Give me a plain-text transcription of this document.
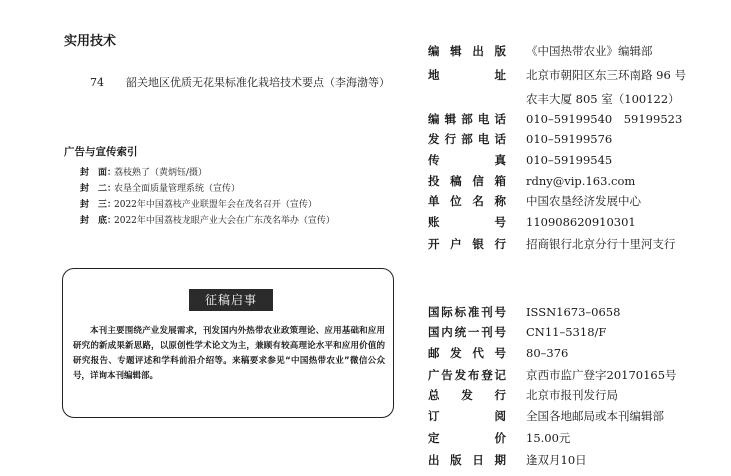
实用技术
74 韶关地区优质无花果标准化栽培技术要点（李海渤等）
广告与宣传索引
封　面：荔枝熟了（黄炳钰/摄）
封　二：农垦全面质量管理系统（宣传）
封　三：2022年中国荔枝产业联盟年会在茂名召开（宣传）
封　底：2022年中国荔枝龙眼产业大会在广东茂名举办（宣传）
征稿启事

本刊主要围绕产业发展需求，刊发国内外热带农业政策理论、应用基础和应用研究的新成果新思路，以原创性学术论文为主，兼顾有较高理论水平和应用价值的研究报告、专题评述和学科前沿介绍等。来稿要求参见“中国热带农业”微信公众号，详询本刊编辑部。

编 辑 出 版 《中国热带农业》编辑部
地	址 北京市朝阳区东三环南路 96 号
农丰大厦 805 室（100122）
编 辑 部 电 话 010–59199540　59199523
发 行 部 电 话 010–59199576
传	真 010–59199545
投 稿 信 箱 rdny@vip.163.com
单 位 名 称 中国农垦经济发展中心
账	号 110908620910301
开 户 银 行 招商银行北京分行十里河支行
国 际 标 准 刊 号 ISSN1673–0658
国 内 统 一 刊 号 CN11–5318/F
邮 发 代 号 80–376
广 告 发 布 登 记 京西市监广登字20170165号
总 发 行 北京市报刊发行局
订	阅 全国各地邮局或本刊编辑部
定	价 15.00元
出 版 日 期 逢双月10日
